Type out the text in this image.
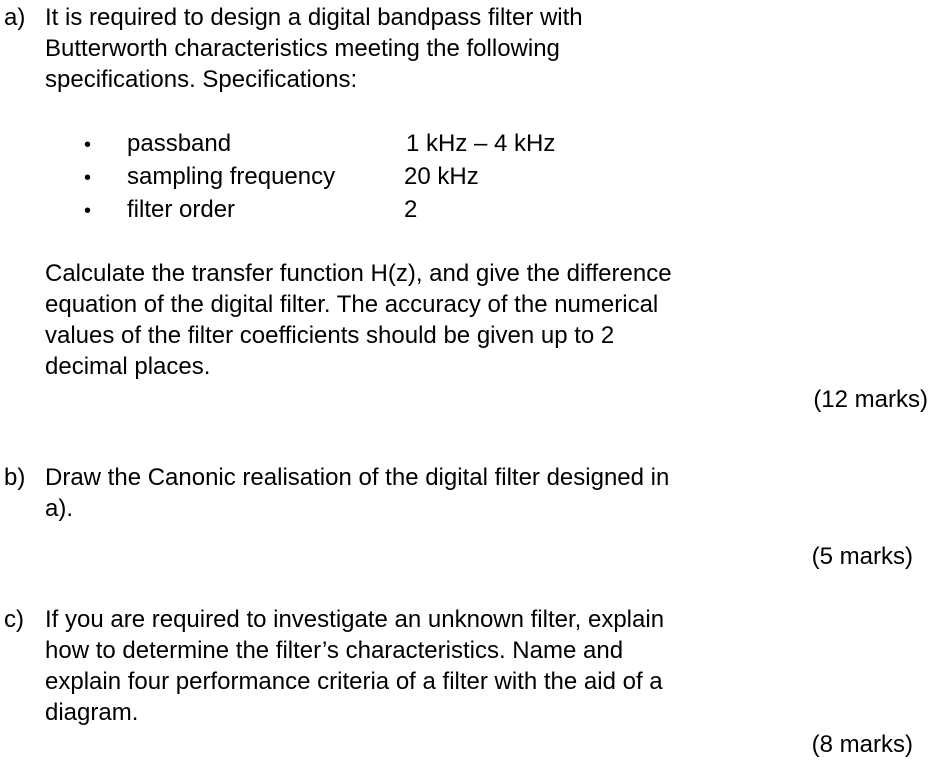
a) It is required to design a digital bandpass filter with
Butterworth characteristics meeting the following
specifications. Specifications:
• passband	1 kHz – 4 kHz
• sampling frequency	20 kHz
• filter order	2
Calculate the transfer function H(z), and give the difference
equation of the digital filter. The accuracy of the numerical
values of the filter coefficients should be given up to 2
decimal places.
(12 marks)
b) Draw the Canonic realisation of the digital filter designed in
a).
(5 marks)
c) If you are required to investigate an unknown filter, explain
how to determine the filter’s characteristics. Name and
explain four performance criteria of a filter with the aid of a
diagram.
(8 marks)
